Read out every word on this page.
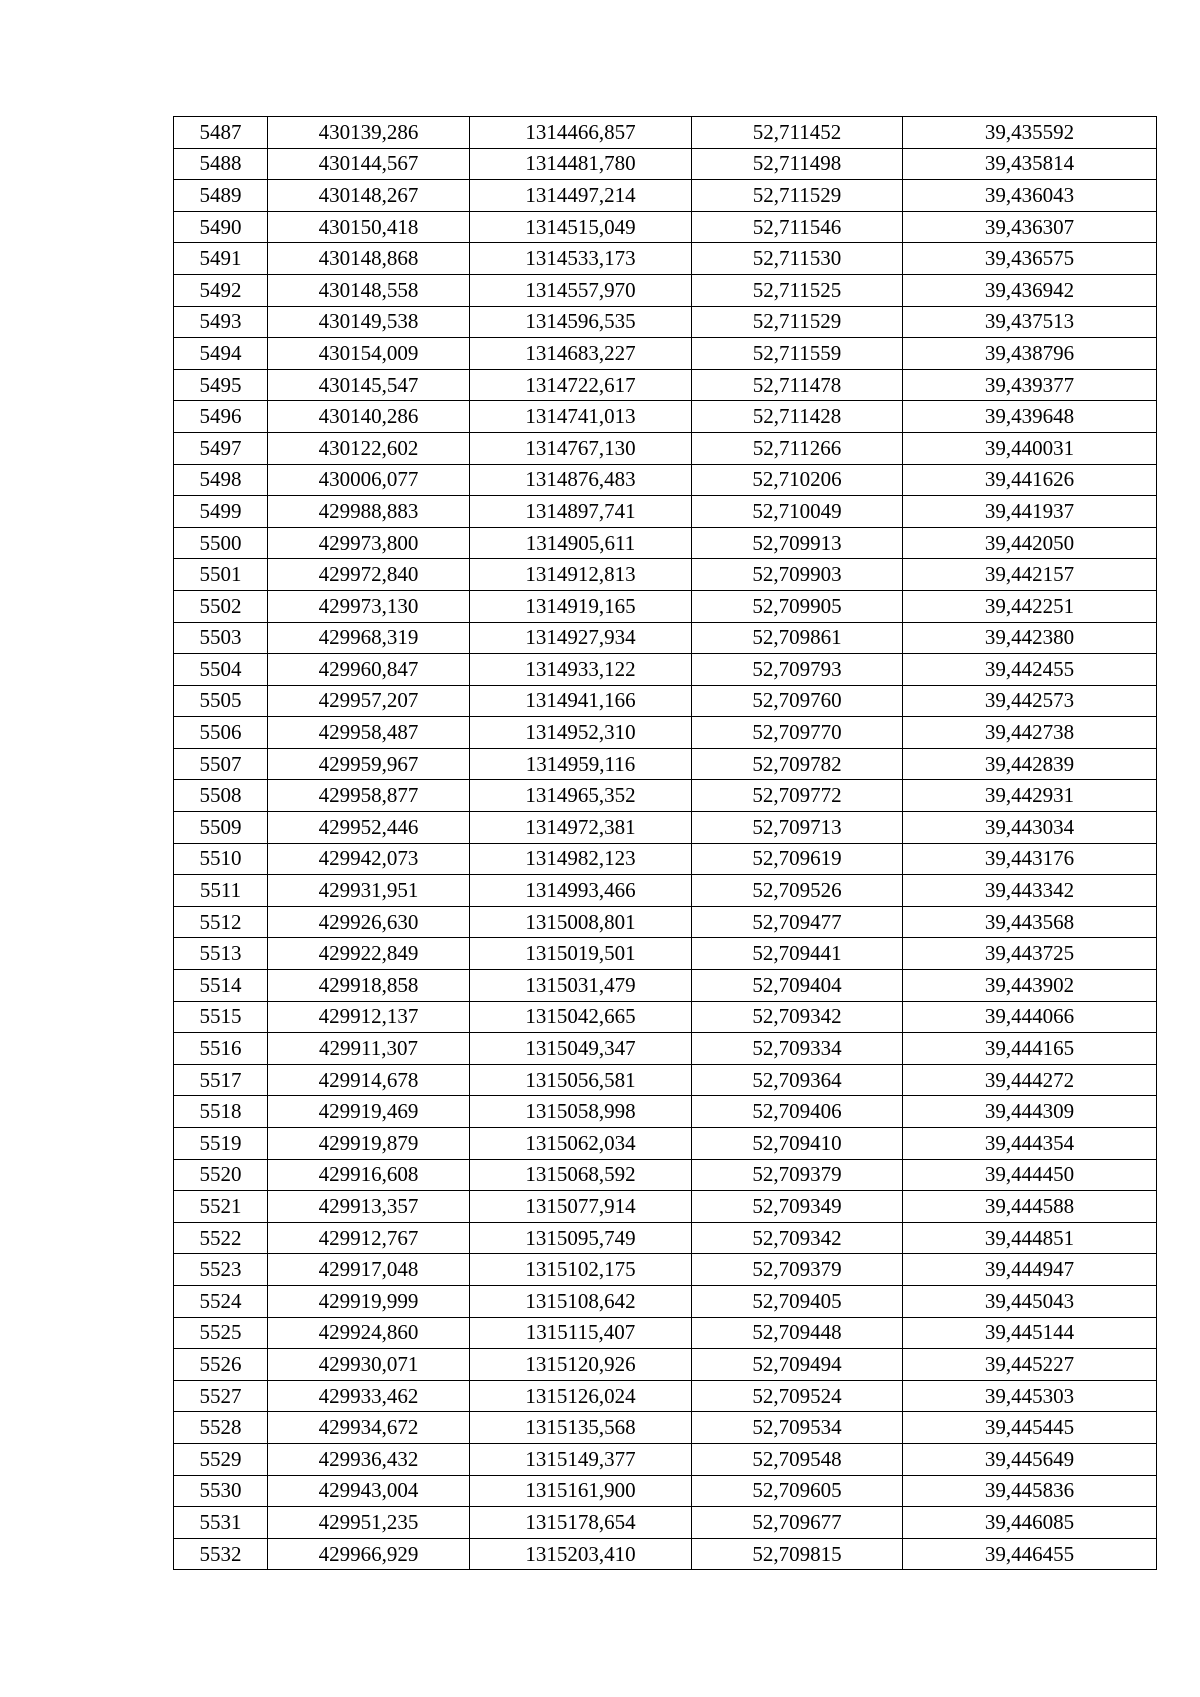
5487	430139,286	1314466,857	52,711452	39,435592
5488	430144,567	1314481,780	52,711498	39,435814
5489	430148,267	1314497,214	52,711529	39,436043
5490	430150,418	1314515,049	52,711546	39,436307
5491	430148,868	1314533,173	52,711530	39,436575
5492	430148,558	1314557,970	52,711525	39,436942
5493	430149,538	1314596,535	52,711529	39,437513
5494	430154,009	1314683,227	52,711559	39,438796
5495	430145,547	1314722,617	52,711478	39,439377
5496	430140,286	1314741,013	52,711428	39,439648
5497	430122,602	1314767,130	52,711266	39,440031
5498	430006,077	1314876,483	52,710206	39,441626
5499	429988,883	1314897,741	52,710049	39,441937
5500	429973,800	1314905,611	52,709913	39,442050
5501	429972,840	1314912,813	52,709903	39,442157
5502	429973,130	1314919,165	52,709905	39,442251
5503	429968,319	1314927,934	52,709861	39,442380
5504	429960,847	1314933,122	52,709793	39,442455
5505	429957,207	1314941,166	52,709760	39,442573
5506	429958,487	1314952,310	52,709770	39,442738
5507	429959,967	1314959,116	52,709782	39,442839
5508	429958,877	1314965,352	52,709772	39,442931
5509	429952,446	1314972,381	52,709713	39,443034
5510	429942,073	1314982,123	52,709619	39,443176
5511	429931,951	1314993,466	52,709526	39,443342
5512	429926,630	1315008,801	52,709477	39,443568
5513	429922,849	1315019,501	52,709441	39,443725
5514	429918,858	1315031,479	52,709404	39,443902
5515	429912,137	1315042,665	52,709342	39,444066
5516	429911,307	1315049,347	52,709334	39,444165
5517	429914,678	1315056,581	52,709364	39,444272
5518	429919,469	1315058,998	52,709406	39,444309
5519	429919,879	1315062,034	52,709410	39,444354
5520	429916,608	1315068,592	52,709379	39,444450
5521	429913,357	1315077,914	52,709349	39,444588
5522	429912,767	1315095,749	52,709342	39,444851
5523	429917,048	1315102,175	52,709379	39,444947
5524	429919,999	1315108,642	52,709405	39,445043
5525	429924,860	1315115,407	52,709448	39,445144
5526	429930,071	1315120,926	52,709494	39,445227
5527	429933,462	1315126,024	52,709524	39,445303
5528	429934,672	1315135,568	52,709534	39,445445
5529	429936,432	1315149,377	52,709548	39,445649
5530	429943,004	1315161,900	52,709605	39,445836
5531	429951,235	1315178,654	52,709677	39,446085
5532	429966,929	1315203,410	52,709815	39,446455
